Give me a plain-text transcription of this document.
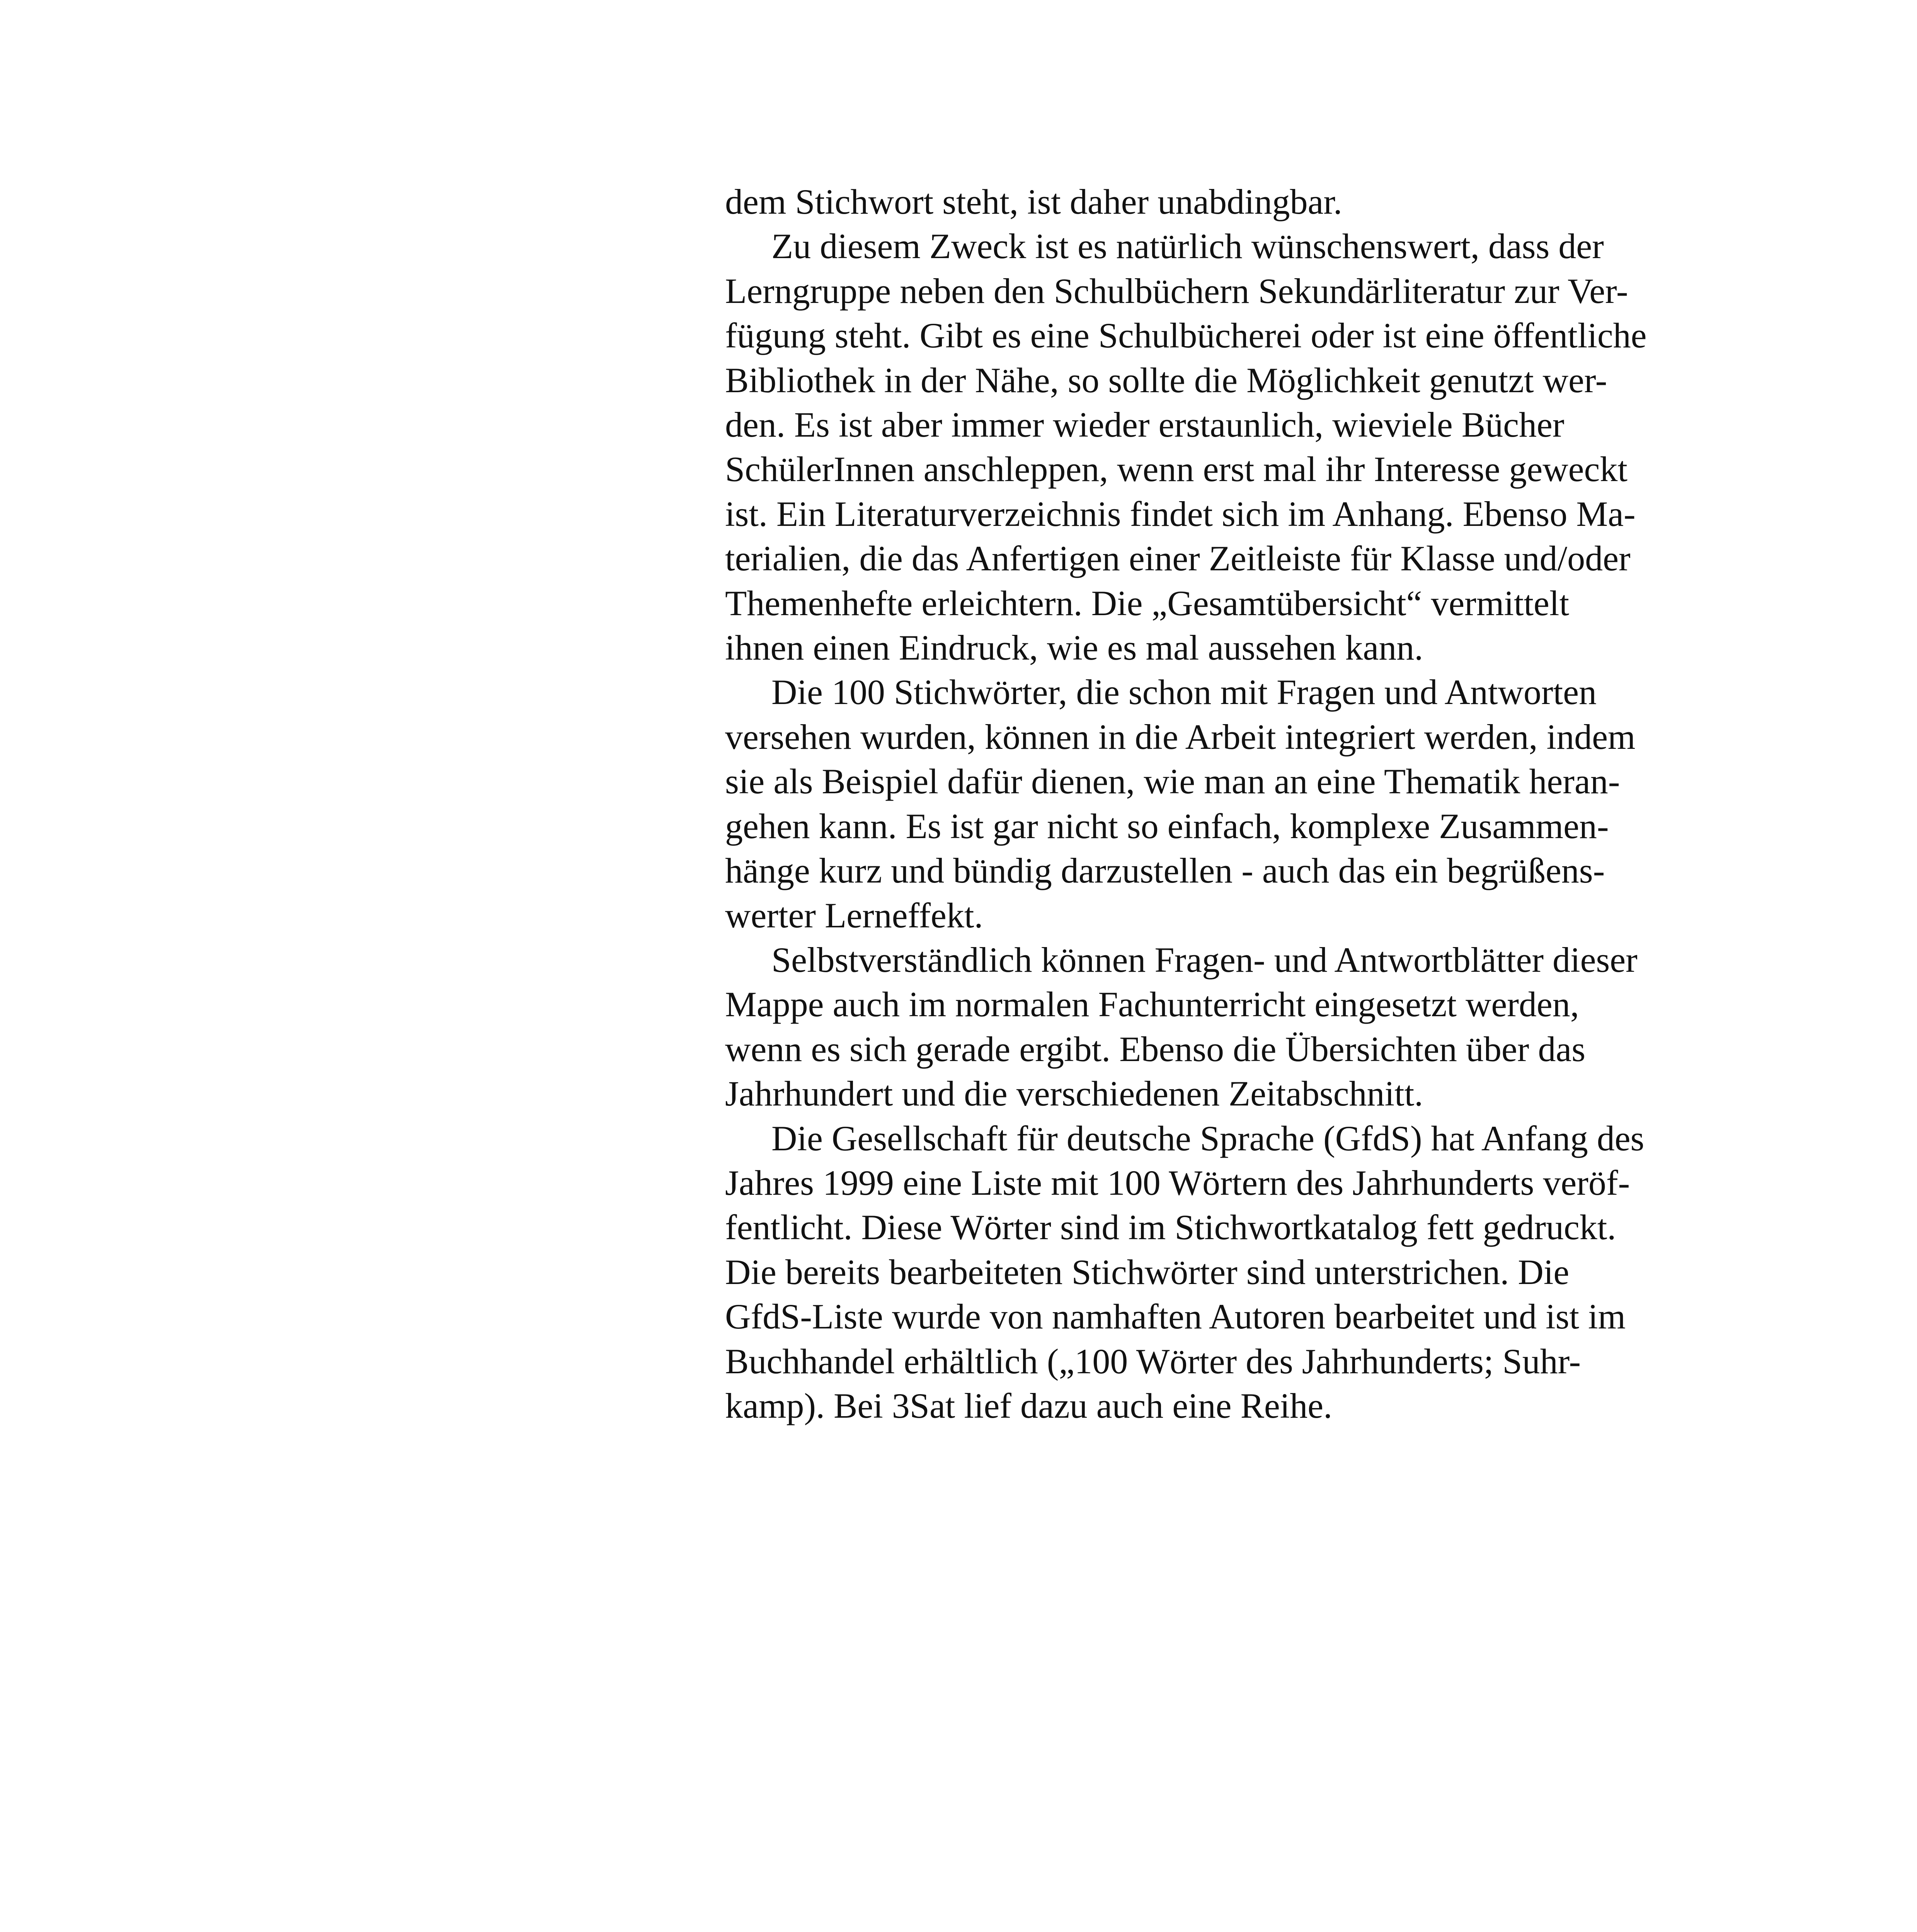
dem Stichwort steht, ist daher unabdingbar.
Zu diesem Zweck ist es natürlich wünschenswert, dass der
Lerngruppe neben den Schulbüchern Sekundärliteratur zur Ver-
fügung steht. Gibt es eine Schulbücherei oder ist eine öffentliche
Bibliothek in der Nähe, so sollte die Möglichkeit genutzt wer-
den. Es ist aber immer wieder erstaunlich, wieviele Bücher
SchülerInnen anschleppen, wenn erst mal ihr Interesse geweckt
ist. Ein Literaturverzeichnis findet sich im Anhang. Ebenso Ma-
terialien, die das Anfertigen einer Zeitleiste für Klasse und/oder
Themenhefte erleichtern. Die „Gesamtübersicht“ vermittelt
ihnen einen Eindruck, wie es mal aussehen kann.
Die 100 Stichwörter, die schon mit Fragen und Antworten
versehen wurden, können in die Arbeit integriert werden, indem
sie als Beispiel dafür dienen, wie man an eine Thematik heran-
gehen kann. Es ist gar nicht so einfach, komplexe Zusammen-
hänge kurz und bündig darzustellen - auch das ein begrüßens-
werter Lerneffekt.
Selbstverständlich können Fragen- und Antwortblätter dieser
Mappe auch im normalen Fachunterricht eingesetzt werden,
wenn es sich gerade ergibt. Ebenso die Übersichten über das
Jahrhundert und die verschiedenen Zeitabschnitt.
Die Gesellschaft für deutsche Sprache (GfdS) hat Anfang des
Jahres 1999 eine Liste mit 100 Wörtern des Jahrhunderts veröf-
fentlicht. Diese Wörter sind im Stichwortkatalog fett gedruckt.
Die bereits bearbeiteten Stichwörter sind unterstrichen. Die
GfdS-Liste wurde von namhaften Autoren bearbeitet und ist im
Buchhandel erhältlich („100 Wörter des Jahrhunderts; Suhr-
kamp). Bei 3Sat lief dazu auch eine Reihe.
